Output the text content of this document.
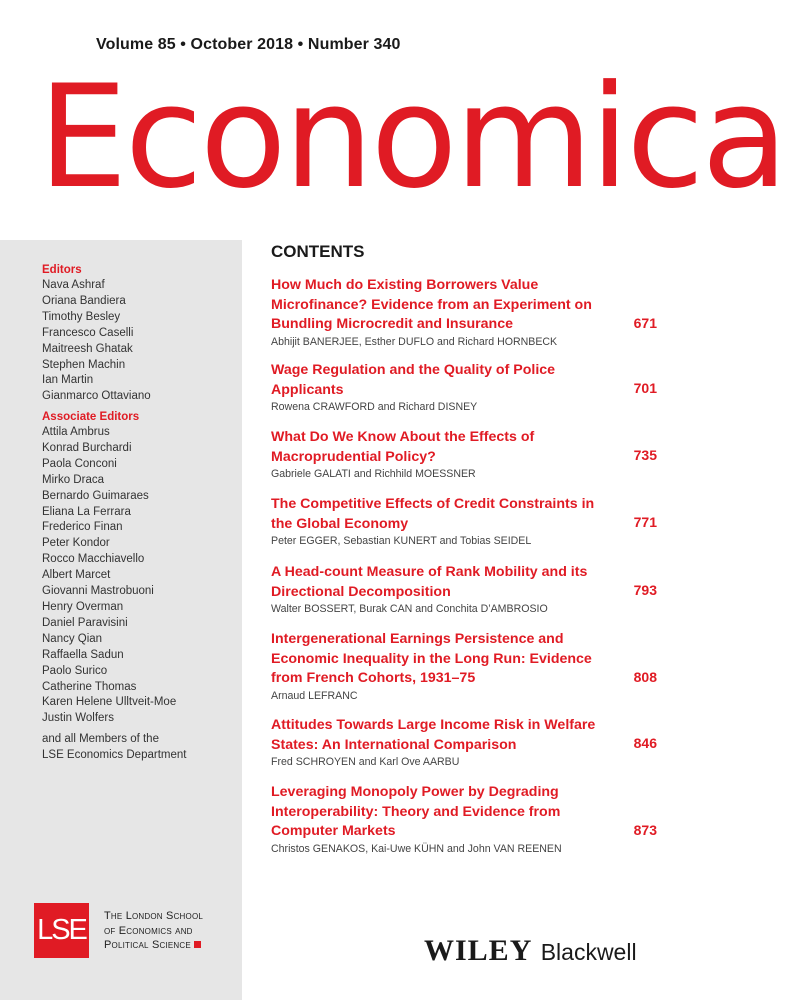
Volume 85 • October 2018 • Number 340
Economica
Editors
Nava Ashraf
Oriana Bandiera
Timothy Besley
Francesco Caselli
Maitreesh Ghatak
Stephen Machin
Ian Martin
Gianmarco Ottaviano
Associate Editors
Attila Ambrus
Konrad Burchardi
Paola Conconi
Mirko Draca
Bernardo Guimaraes
Eliana La Ferrara
Frederico Finan
Peter Kondor
Rocco Macchiavello
Albert Marcet
Giovanni Mastrobuoni
Henry Overman
Daniel Paravisini
Nancy Qian
Raffaella Sadun
Paolo Surico
Catherine Thomas
Karen Helene Ulltveit-Moe
Justin Wolfers
and all Members of the
LSE Economics Department
LSE The London School
of Economics and
Political Science
CONTENTS
How Much do Existing Borrowers Value Microfinance? Evidence from an Experiment on Bundling Microcredit and Insurance
Abhijit BANERJEE, Esther DUFLO and Richard HORNBECK
671
Wage Regulation and the Quality of Police Applicants
Rowena CRAWFORD and Richard DISNEY
701
What Do We Know About the Effects of Macroprudential Policy?
Gabriele GALATI and Richhild MOESSNER
735
The Competitive Effects of Credit Constraints in the Global Economy
Peter EGGER, Sebastian KUNERT and Tobias SEIDEL
771
A Head-count Measure of Rank Mobility and its Directional Decomposition
Walter BOSSERT, Burak CAN and Conchita D’AMBROSIO
793
Intergenerational Earnings Persistence and Economic Inequality in the Long Run: Evidence from French Cohorts, 1931–75
Arnaud LEFRANC
808
Attitudes Towards Large Income Risk in Welfare States: An International Comparison
Fred SCHROYEN and Karl Ove AARBU
846
Leveraging Monopoly Power by Degrading Interoperability: Theory and Evidence from Computer Markets
Christos GENAKOS, Kai-Uwe KÜHN and John VAN REENEN
873
WILEY Blackwell
